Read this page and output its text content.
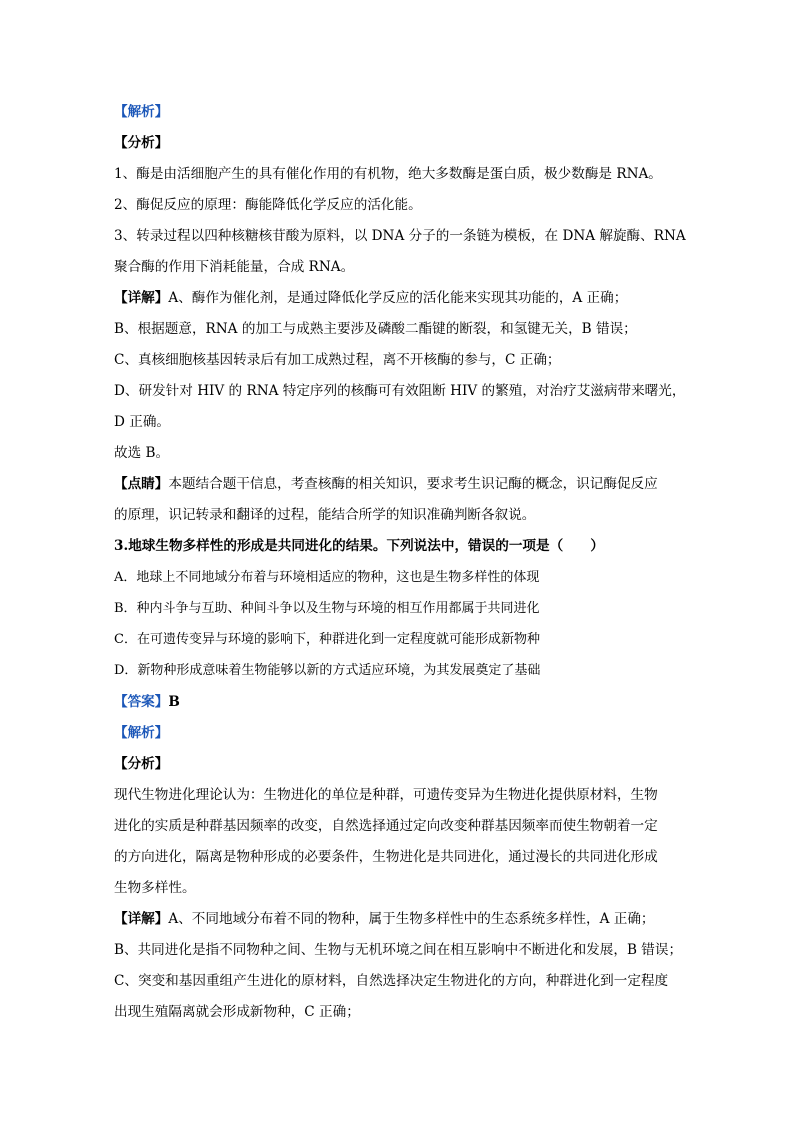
【解析】
【分析】
1、酶是由活细胞产生的具有催化作用的有机物，绝大多数酶是蛋白质，极少数酶是 RNA。
2、酶促反应的原理：酶能降低化学反应的活化能。
3、转录过程以四种核糖核苷酸为原料，以 DNA 分子的一条链为模板，在 DNA 解旋酶、RNA
聚合酶的作用下消耗能量，合成 RNA。
【详解】A、酶作为催化剂，是通过降低化学反应的活化能来实现其功能的，A 正确；
B、根据题意，RNA 的加工与成熟主要涉及磷酸二酯键的断裂，和氢键无关，B 错误；
C、真核细胞核基因转录后有加工成熟过程，离不开核酶的参与，C 正确；
D、研发针对 HIV 的 RNA 特定序列的核酶可有效阻断 HIV 的繁殖，对治疗艾滋病带来曙光，
D 正确。
故选 B。
【点睛】本题结合题干信息，考查核酶的相关知识，要求考生识记酶的概念，识记酶促反应
的原理，识记转录和翻译的过程，能结合所学的知识准确判断各叙说。
3.地球生物多样性的形成是共同进化的结果。下列说法中，错误的一项是（　　）
A．地球上不同地域分布着与环境相适应的物种，这也是生物多样性的体现
B．种内斗争与互助、种间斗争以及生物与环境的相互作用都属于共同进化
C．在可遗传变异与环境的影响下，种群进化到一定程度就可能形成新物种
D．新物种形成意味着生物能够以新的方式适应环境，为其发展奠定了基础
【答案】B
【解析】
【分析】
现代生物进化理论认为：生物进化的单位是种群，可遗传变异为生物进化提供原材料，生物
进化的实质是种群基因频率的改变，自然选择通过定向改变种群基因频率而使生物朝着一定
的方向进化，隔离是物种形成的必要条件，生物进化是共同进化，通过漫长的共同进化形成
生物多样性。
【详解】A、不同地域分布着不同的物种，属于生物多样性中的生态系统多样性，A 正确；
B、共同进化是指不同物种之间、生物与无机环境之间在相互影响中不断进化和发展，B 错误；
C、突变和基因重组产生进化的原材料，自然选择决定生物进化的方向，种群进化到一定程度
出现生殖隔离就会形成新物种，C 正确；
